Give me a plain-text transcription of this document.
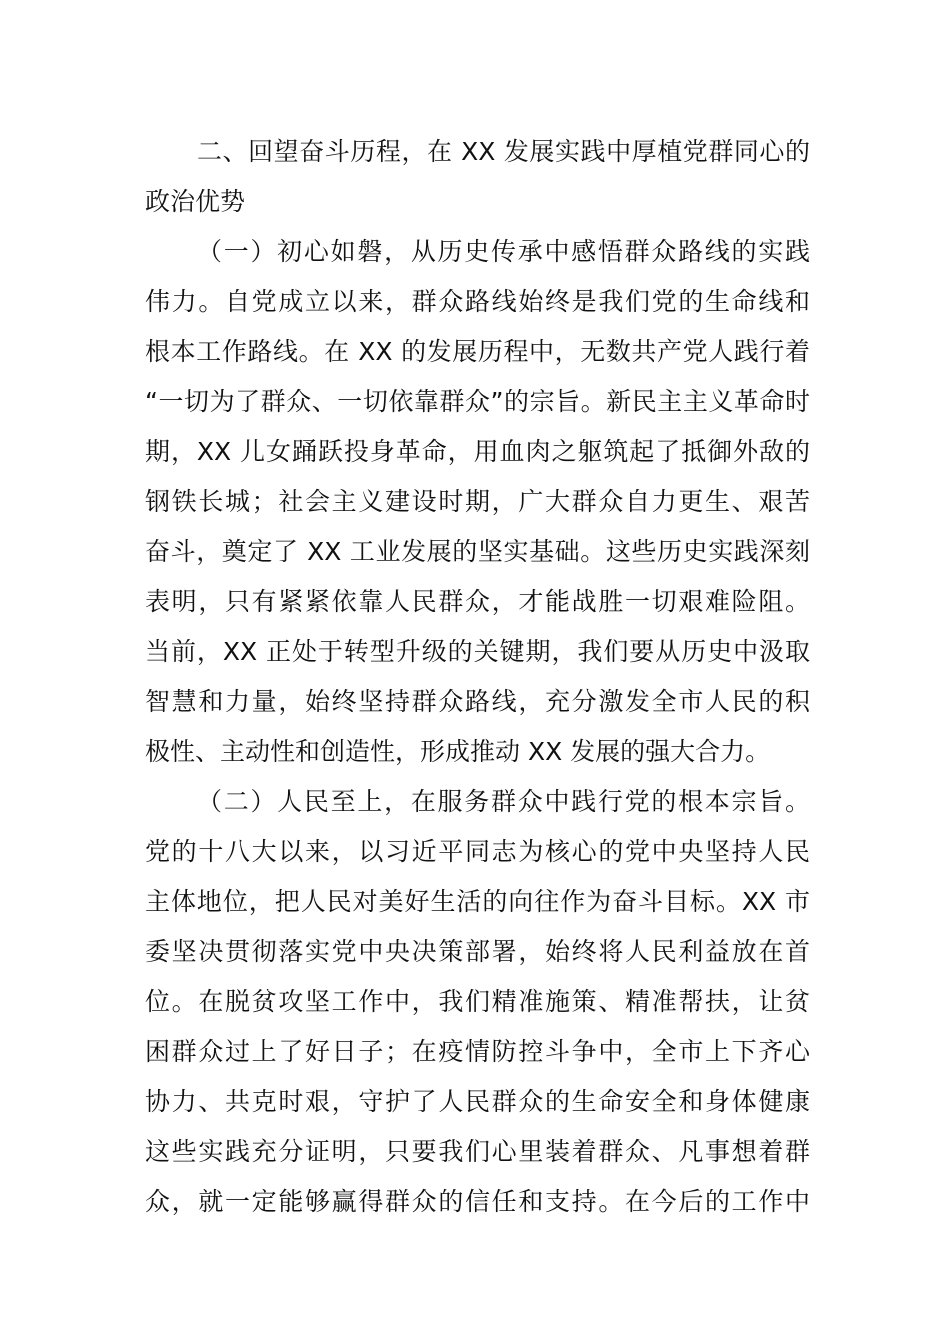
二、回望奋斗历程，在 XX 发展实践中厚植党群同心的
政治优势
（一）初心如磐，从历史传承中感悟群众路线的实践
伟力。自党成立以来，群众路线始终是我们党的生命线和
根本工作路线。在 XX 的发展历程中，无数共产党人践行着
“一切为了群众、一切依靠群众”的宗旨。新民主主义革命时
期，XX 儿女踊跃投身革命，用血肉之躯筑起了抵御外敌的
钢铁长城；社会主义建设时期，广大群众自力更生、艰苦
奋斗，奠定了 XX 工业发展的坚实基础。这些历史实践深刻
表明，只有紧紧依靠人民群众，才能战胜一切艰难险阻。
当前，XX 正处于转型升级的关键期，我们要从历史中汲取
智慧和力量，始终坚持群众路线，充分激发全市人民的积
极性、主动性和创造性，形成推动 XX 发展的强大合力。
（二）人民至上，在服务群众中践行党的根本宗旨。
党的十八大以来，以习近平同志为核心的党中央坚持人民
主体地位，把人民对美好生活的向往作为奋斗目标。XX 市
委坚决贯彻落实党中央决策部署，始终将人民利益放在首
位。在脱贫攻坚工作中，我们精准施策、精准帮扶，让贫
困群众过上了好日子；在疫情防控斗争中，全市上下齐心
协力、共克时艰，守护了人民群众的生命安全和身体健康
这些实践充分证明，只要我们心里装着群众、凡事想着群
众，就一定能够赢得群众的信任和支持。在今后的工作中
